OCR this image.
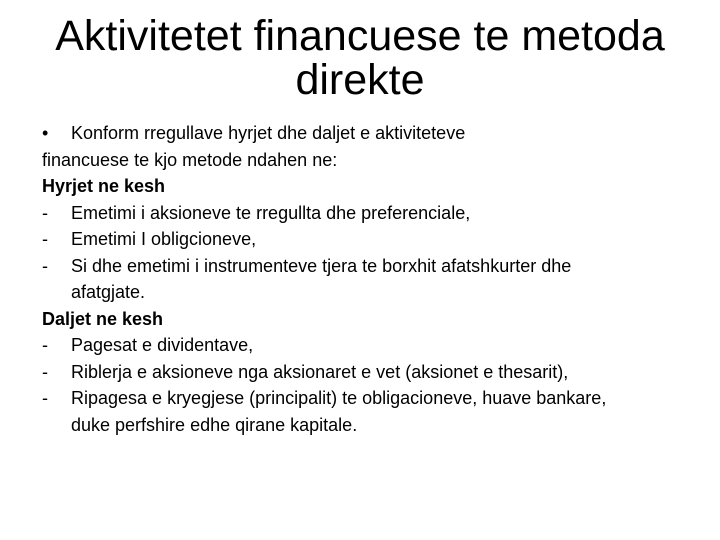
Aktivitetet financuese te metoda
direkte
•	Konform rregullave hyrjet dhe daljet e aktiviteteve
financuese te kjo metode ndahen ne:
Hyrjet ne kesh
-	Emetimi i aksioneve te rregullta dhe preferenciale,
-	Emetimi I obligcioneve,
-	Si dhe emetimi i instrumenteve tjera te borxhit afatshkurter dhe
afatgjate.
Daljet ne kesh
-	Pagesat e dividentave,
-	Riblerja e aksioneve nga aksionaret e vet (aksionet e thesarit),
-	Ripagesa e kryegjese (principalit) te obligacioneve, huave bankare,
duke perfshire edhe qirane kapitale.
